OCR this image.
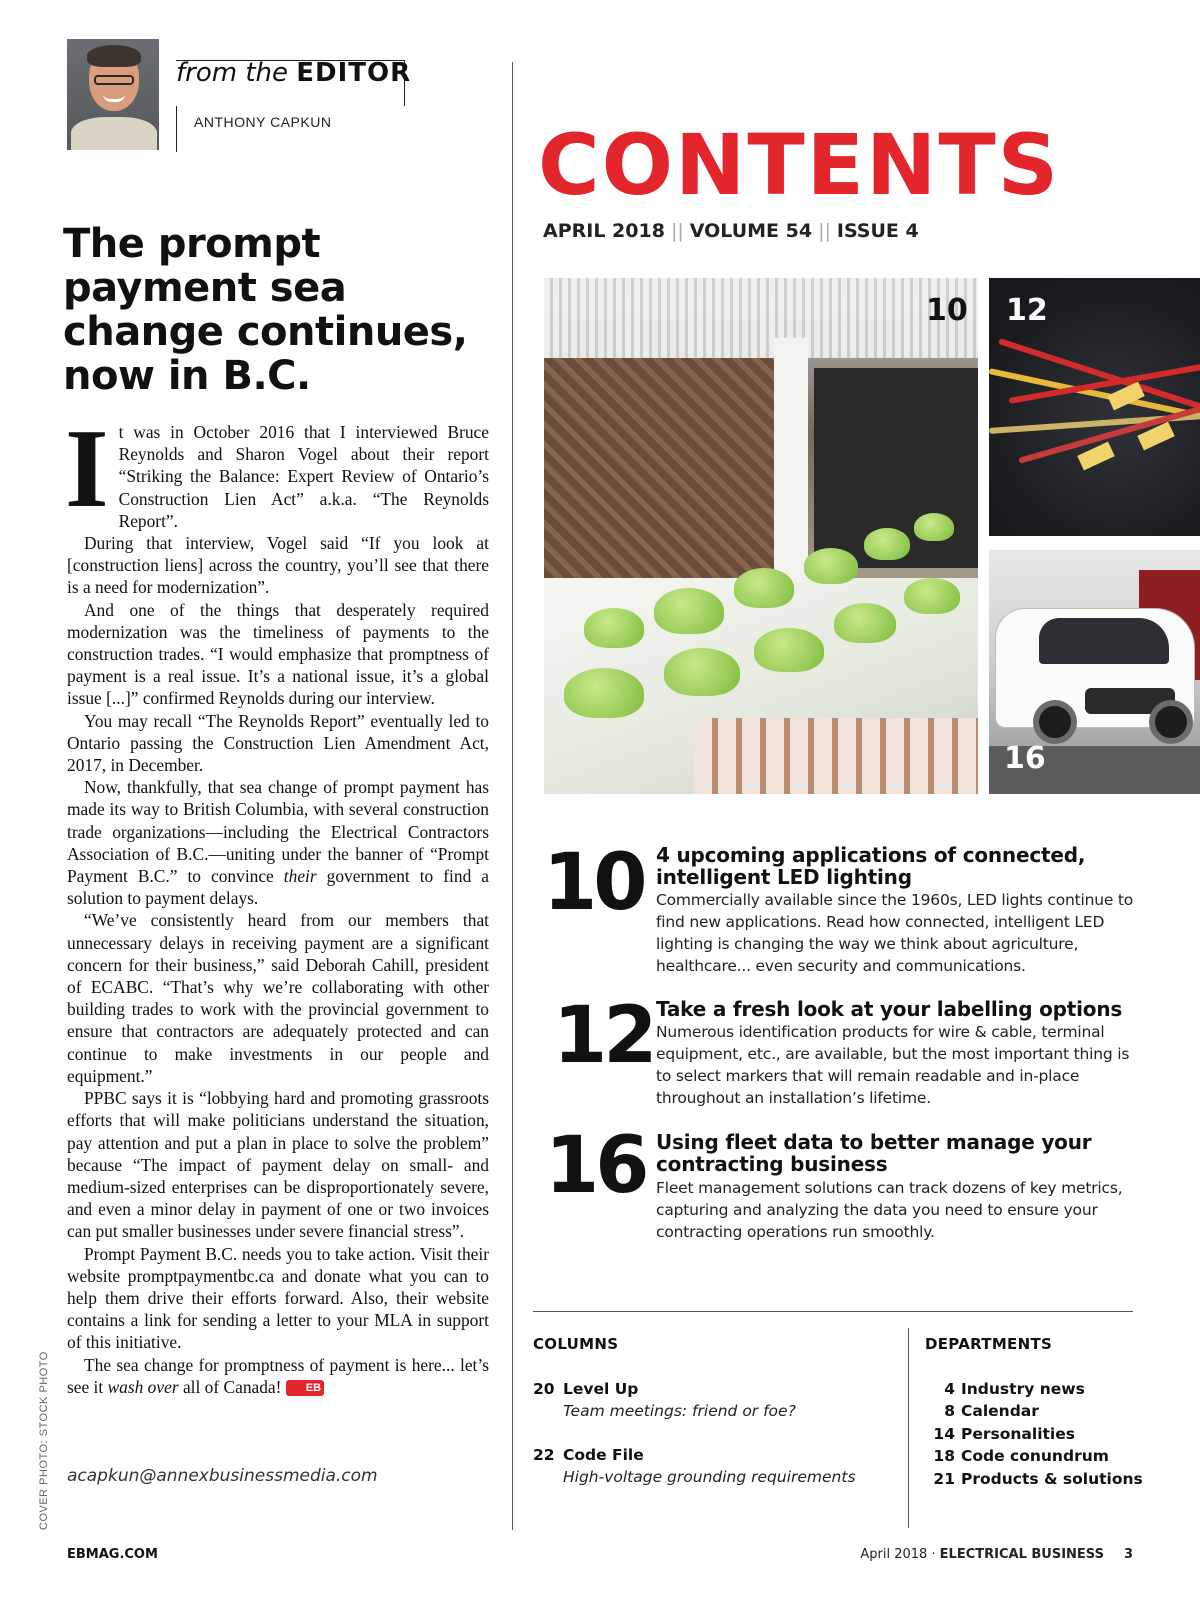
from the EDITOR
ANTHONY CAPKUN
The prompt payment sea change continues, now in B.C.

It was in October 2016 that I interviewed Bruce Reynolds and Sharon Vogel about their report “Striking the Balance: Expert Review of Ontario’s Construction Lien Act” a.k.a. “The Reynolds Report”.

During that interview, Vogel said “If you look at [construction liens] across the country, you’ll see that there is a need for modernization”.

And one of the things that desperately required modernization was the timeliness of payments to the construction trades. “I would emphasize that promptness of payment is a real issue. It’s a national issue, it’s a global issue [...]” confirmed Reynolds during our interview.

You may recall “The Reynolds Report” eventually led to Ontario passing the Construction Lien Amendment Act, 2017, in December.

Now, thankfully, that sea change of prompt payment has made its way to British Columbia, with several construction trade organizations—including the Electrical Contractors Association of B.C.—uniting under the banner of “Prompt Payment B.C.” to convince their government to find a solution to payment delays.

“We’ve consistently heard from our members that unnecessary delays in receiving payment are a significant concern for their business,” said Deborah Cahill, president of ECABC. “That’s why we’re collaborating with other building trades to work with the provincial government to ensure that contractors are adequately protected and can continue to make investments in our people and equipment.”

PPBC says it is “lobbying hard and promoting grassroots efforts that will make politicians understand the situation, pay attention and put a plan in place to solve the problem” because “The impact of payment delay on small- and medium-sized enterprises can be disproportionately severe, and even a minor delay in payment of one or two invoices can put smaller businesses under severe financial stress”.

Prompt Payment B.C. needs you to take action. Visit their website promptpaymentbc.ca and donate what you can to help them drive their efforts forward. Also, their website contains a link for sending a letter to your MLA in support of this initiative.

The sea change for promptness of payment is here... let’s see it wash over all of Canada! EB

acapkun@annexbusinessmedia.com
COVER PHOTO: STOCK PHOTO
CONTENTS
APRIL 2018 || VOLUME 54 || ISSUE 4
10 12
16
10 4 upcoming applications of connected, intelligent LED lighting
Commercially available since the 1960s, LED lights continue to find new applications. Read how connected, intelligent LED lighting is changing the way we think about agriculture, healthcare... even security and communications.
12 Take a fresh look at your labelling options
Numerous identification products for wire & cable, terminal equipment, etc., are available, but the most important thing is to select markers that will remain readable and in-place throughout an installation’s lifetime.
16 Using fleet data to better manage your contracting business
Fleet management solutions can track dozens of key metrics, capturing and analyzing the data you need to ensure your contracting operations run smoothly.
COLUMNS	DEPARTMENTS
20 Level Up
Team meetings: friend or foe?
22 Code File
High-voltage grounding requirements
4 Industry news
8 Calendar
14 Personalities
18 Code conundrum
21 Products & solutions
EBMAG.COM	April 2018 · ELECTRICAL BUSINESS 3
